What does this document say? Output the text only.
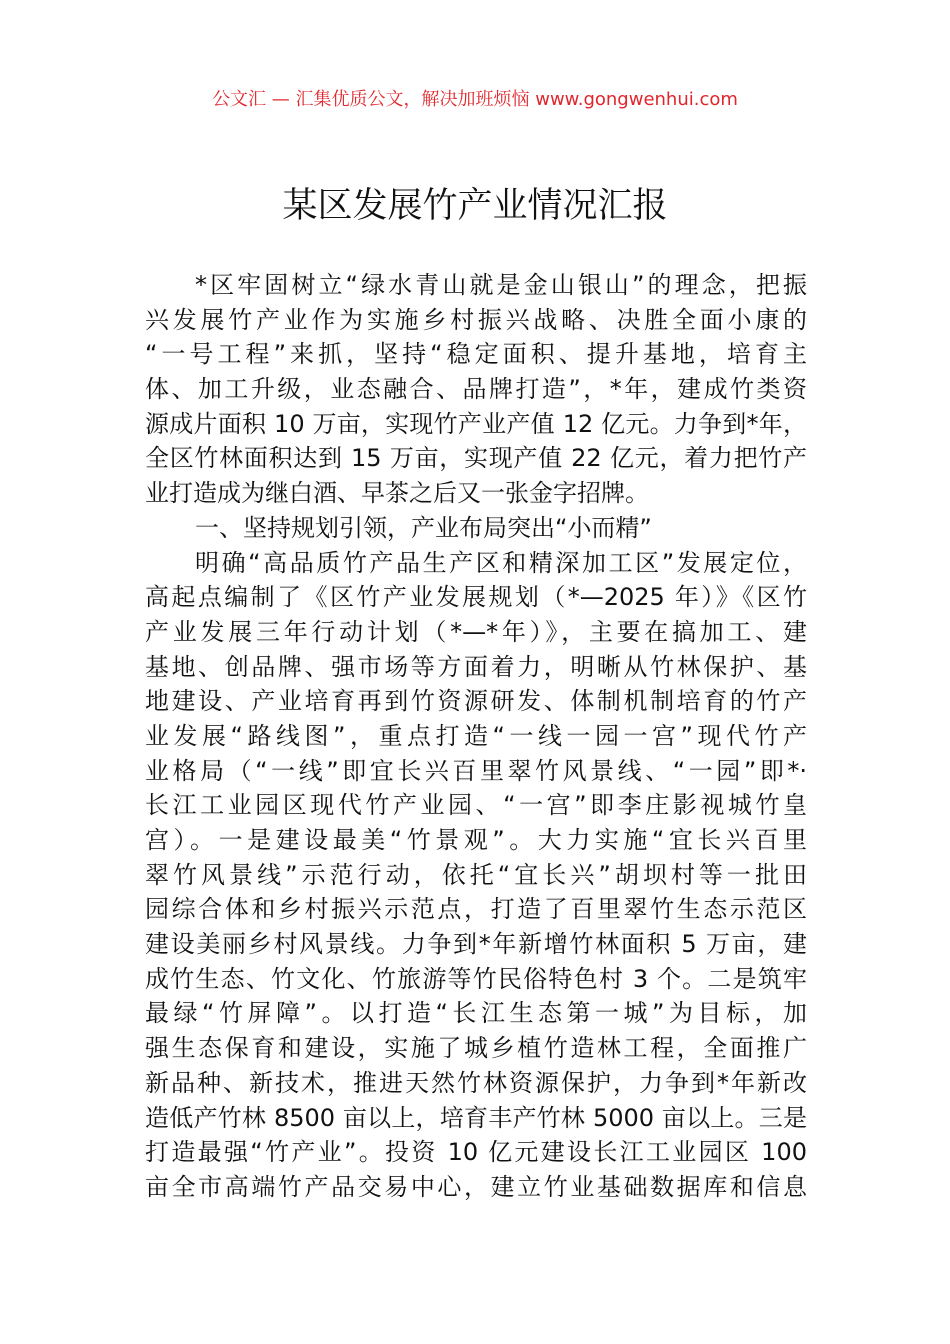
公文汇 — 汇集优质公文，解决加班烦恼 www.gongwenhui.com
某区发展竹产业情况汇报
*区牢固树立“绿水青山就是金山银山”的理念，把振
兴发展竹产业作为实施乡村振兴战略、决胜全面小康的
“一号工程”来抓，坚持“稳定面积、提升基地，培育主
体、加工升级，业态融合、品牌打造”，*年，建成竹类资
源成片面积 10 万亩，实现竹产业产值 12 亿元。力争到*年，
全区竹林面积达到 15 万亩，实现产值 22 亿元，着力把竹产
业打造成为继白酒、早茶之后又一张金字招牌。
一、坚持规划引领，产业布局突出“小而精”
明确“高品质竹产品生产区和精深加工区”发展定位，
高起点编制了《区竹产业发展规划（*—2025 年）》《区竹
产业发展三年行动计划（*—*年）》，主要在搞加工、建
基地、创品牌、强市场等方面着力，明晰从竹林保护、基
地建设、产业培育再到竹资源研发、体制机制培育的竹产
业发展“路线图”，重点打造“一线一园一宫”现代竹产
业格局（“一线”即宜长兴百里翠竹风景线、“一园”即*·
长江工业园区现代竹产业园、“一宫”即李庄影视城竹皇
宫）。一是建设最美“竹景观”。大力实施“宜长兴百里
翠竹风景线”示范行动，依托“宜长兴”胡坝村等一批田
园综合体和乡村振兴示范点，打造了百里翠竹生态示范区
建设美丽乡村风景线。力争到*年新增竹林面积 5 万亩，建
成竹生态、竹文化、竹旅游等竹民俗特色村 3 个。二是筑牢
最绿“竹屏障”。以打造“长江生态第一城”为目标，加
强生态保育和建设，实施了城乡植竹造林工程，全面推广
新品种、新技术，推进天然竹林资源保护，力争到*年新改
造低产竹林 8500 亩以上，培育丰产竹林 5000 亩以上。三是
打造最强“竹产业”。投资 10 亿元建设长江工业园区 100
亩全市高端竹产品交易中心，建立竹业基础数据库和信息
